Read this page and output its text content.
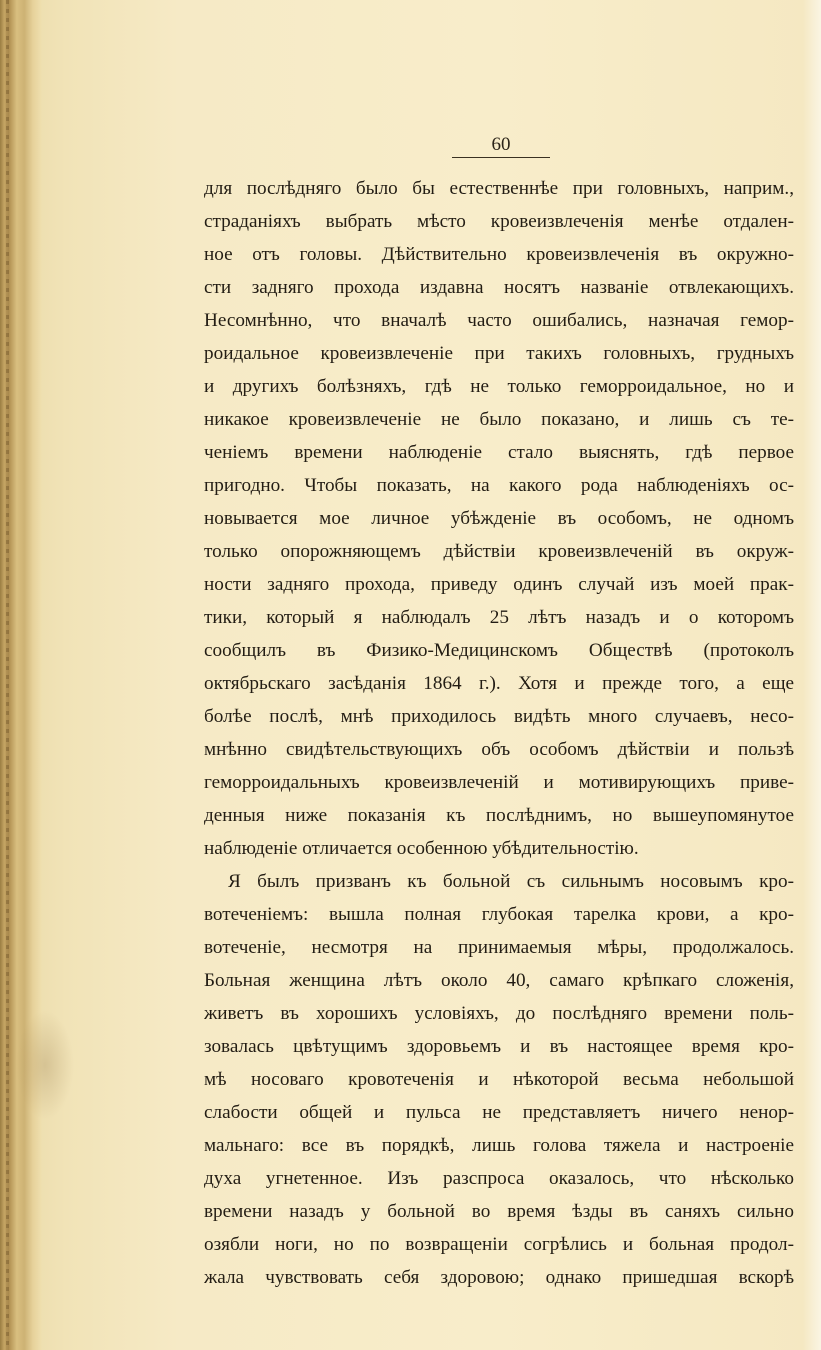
60
для послѣдняго было бы естественнѣе при головныхъ, наприм.,
страданіяхъ выбрать мѣсто кровеизвлеченія менѣе отдален-
ное отъ головы. Дѣйствительно кровеизвлеченія въ окружно-
сти задняго прохода издавна носятъ названіе отвлекающихъ.
Несомнѣнно, что вначалѣ часто ошибались, назначая гемор-
роидальное кровеизвлеченіе при такихъ головныхъ, грудныхъ
и другихъ болѣзняхъ, гдѣ не только геморроидальное, но и
никакое кровеизвлеченіе не было показано, и лишь съ те-
ченіемъ времени наблюденіе стало выяснять, гдѣ первое
пригодно. Чтобы показать, на какого рода наблюденіяхъ ос-
новывается мое личное убѣжденіе въ особомъ, не одномъ
только опорожняющемъ дѣйствіи кровеизвлеченій въ окруж-
ности задняго прохода, приведу одинъ случай изъ моей прак-
тики, который я наблюдалъ 25 лѣтъ назадъ и о которомъ
сообщилъ въ Физико-Медицинскомъ Обществѣ (протоколъ
октябрьскаго засѣданія 1864 г.). Хотя и прежде того, а еще
болѣе послѣ, мнѣ приходилось видѣть много случаевъ, несо-
мнѣнно свидѣтельствующихъ объ особомъ дѣйствіи и пользѣ
геморроидальныхъ кровеизвлеченій и мотивирующихъ приве-
денныя ниже показанія къ послѣднимъ, но вышеупомянутое
наблюденіе отличается особенною убѣдительностію.
Я былъ призванъ къ больной съ сильнымъ носовымъ кро-
вотеченіемъ: вышла полная глубокая тарелка крови, а кро-
вотеченіе, несмотря на принимаемыя мѣры, продолжалось.
Больная женщина лѣтъ около 40, самаго крѣпкаго сложенія,
живетъ въ хорошихъ условіяхъ, до послѣдняго времени поль-
зовалась цвѣтущимъ здоровьемъ и въ настоящее время кро-
мѣ носоваго кровотеченія и нѣкоторой весьма небольшой
слабости общей и пульса не представляетъ ничего ненор-
мальнаго: все въ порядкѣ, лишь голова тяжела и настроеніе
духа угнетенное. Изъ разспроса оказалось, что нѣсколько
времени назадъ у больной во время ѣзды въ саняхъ сильно
озябли ноги, но по возвращеніи согрѣлись и больная продол-
жала чувствовать себя здоровою; однако пришедшая вскорѣ
